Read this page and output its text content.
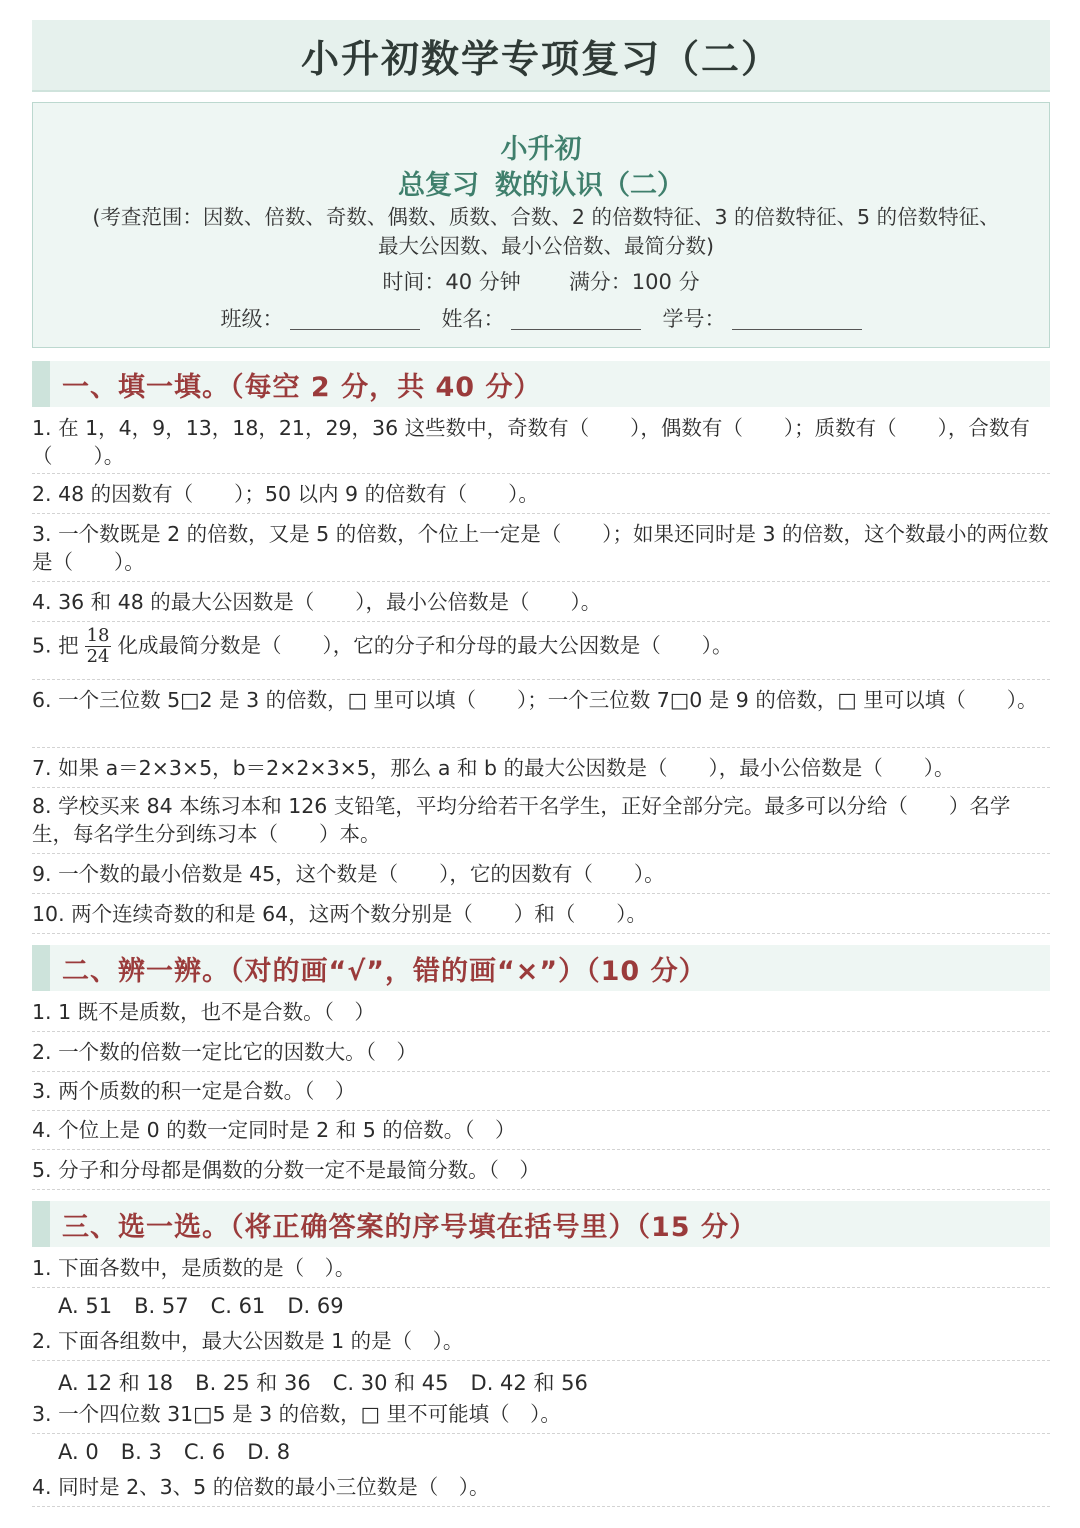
小升初数学专项复习（二）
小升初
总复习 数的认识（二）
(考查范围：因数、倍数、奇数、偶数、质数、合数、2 的倍数特征、3 的倍数特征、5 的倍数特征、最大公因数、最小公倍数、最简分数)
时间：40 分钟 满分：100 分
班级：	姓名：	学号：
一、填一填。（每空 2 分，共 40 分）
1. 在 1，4，9，13，18，21，29，36 这些数中，奇数有（　　），偶数有（　　）；质数有（　　），合数有（　　）。
2. 48 的因数有（　　）；50 以内 9 的倍数有（　　）。
3. 一个数既是 2 的倍数，又是 5 的倍数，个位上一定是（　　）；如果还同时是 3 的倍数，这个数最小的两位数是（　　）。
4. 36 和 48 的最大公因数是（　　），最小公倍数是（　　）。
5. 把 $\frac{18}{24}$ 化成最简分数是（　　），它的分子和分母的最大公因数是（　　）。
6. 一个三位数 5□2 是 3 的倍数，□ 里可以填（　　）；一个三位数 7□0 是 9 的倍数，□ 里可以填（　　）。
7. 如果 a＝2×3×5，b＝2×2×3×5，那么 a 和 b 的最大公因数是（　　），最小公倍数是（　　）。
8. 学校买来 84 本练习本和 126 支铅笔，平均分给若干名学生，正好全部分完。最多可以分给（　　）名学生，每名学生分到练习本（　　）本。
9. 一个数的最小倍数是 45，这个数是（　　），它的因数有（　　）。
10. 两个连续奇数的和是 64，这两个数分别是（　　）和（　　）。
二、辨一辨。（对的画“√”，错的画“×”）（10 分）
1. 1 既不是质数，也不是合数。（　）
2. 一个数的倍数一定比它的因数大。（　）
3. 两个质数的积一定是合数。（　）
4. 个位上是 0 的数一定同时是 2 和 5 的倍数。（　）
5. 分子和分母都是偶数的分数一定不是最简分数。（　）
三、选一选。（将正确答案的序号填在括号里）（15 分）
1. 下面各数中，是质数的是（　）。
A. 51 B. 57 C. 61 D. 69
2. 下面各组数中，最大公因数是 1 的是（　）。
A. 12 和 18 B. 25 和 36 C. 30 和 45 D. 42 和 56
3. 一个四位数 31□5 是 3 的倍数，□ 里不可能填（　）。
A. 0 B. 3 C. 6 D. 8
4. 同时是 2、3、5 的倍数的最小三位数是（　）。
